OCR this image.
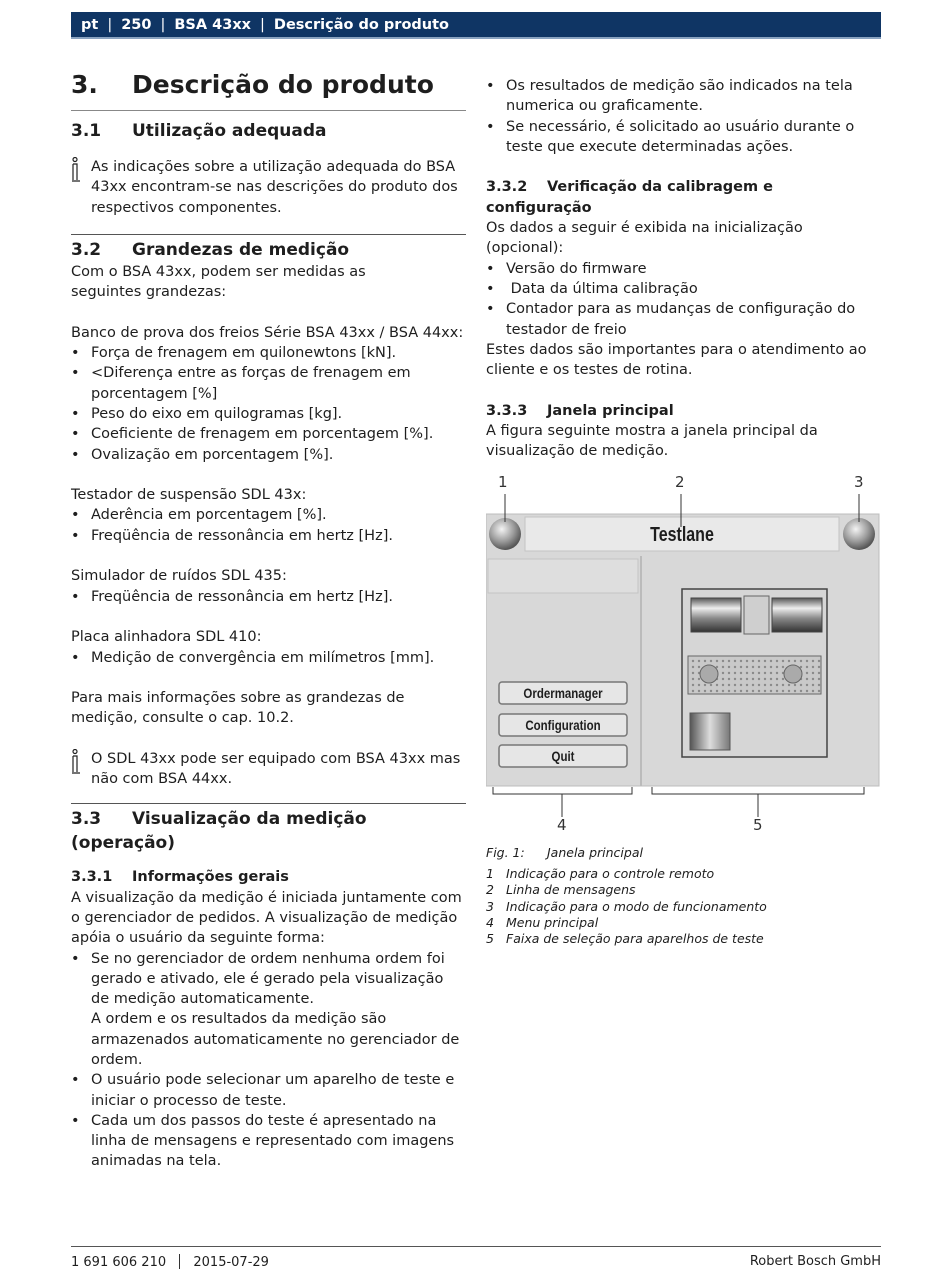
pt | 250 | BSA 43xx | Descrição do produto
3. Descrição do produto
3.1 Utilização adequada
As indicações sobre a utilização adequada do BSA 43xx encontram-se nas descrições do produto dos respectivos componentes.
3.2 Grandezas de medição
Com o BSA 43xx, podem ser medidas as seguintes grandezas:
Banco de prova dos freios Série BSA 43xx / BSA 44xx:
• Força de frenagem em quilonewtons [kN].
• <Diferença entre as forças de frenagem em porcentagem [%]
• Peso do eixo em quilogramas [kg].
• Coeficiente de frenagem em porcentagem [%].
• Ovalização em porcentagem [%].
Testador de suspensão SDL 43x:
• Aderência em porcentagem [%].
• Freqüência de ressonância em hertz [Hz].
Simulador de ruídos SDL 435:
• Freqüência de ressonância em hertz [Hz].
Placa alinhadora SDL 410:
• Medição de convergência em milímetros [mm].
Para mais informações sobre as grandezas de medição, consulte o cap. 10.2.
O SDL 43xx pode ser equipado com BSA 43xx mas não com BSA 44xx.
3.3 Visualização da medição (operação)
3.3.1 Informações gerais
A visualização da medição é iniciada juntamente com o gerenciador de pedidos. A visualização de medição apóia o usuário da seguinte forma:
• Se no gerenciador de ordem nenhuma ordem foi gerado e ativado, ele é gerado pela visualização de medição automaticamente.
A ordem e os resultados da medição são armazenados automaticamente no gerenciador de ordem.
• O usuário pode selecionar um aparelho de teste e iniciar o processo de teste.
• Cada um dos passos do teste é apresentado na linha de mensagens e representado com imagens animadas na tela.
• Os resultados de medição são indicados na tela numerica ou graficamente.
• Se necessário, é solicitado ao usuário durante o teste que execute determinadas ações.
3.3.2 Verificação da calibragem e configuração
Os dados a seguir é exibida na inicialização (opcional):
• Versão do firmware
•  Data da última calibração
• Contador para as mudanças de configuração do testador de freio
Estes dados são importantes para o atendimento ao cliente e os testes de rotina.
3.3.3 Janela principal
A figura seguinte mostra a janela principal da visualização de medição.
1	2	3
4	5
Testlane
Ordermanager
Configuration
Quit
Fig. 1: Janela principal
1 Indicação para o controle remoto
2 Linha de mensagens
3 Indicação para o modo de funcionamento
4 Menu principal
5 Faixa de seleção para aparelhos de teste
1 691 606 210 2015-07-29	Robert Bosch GmbH
